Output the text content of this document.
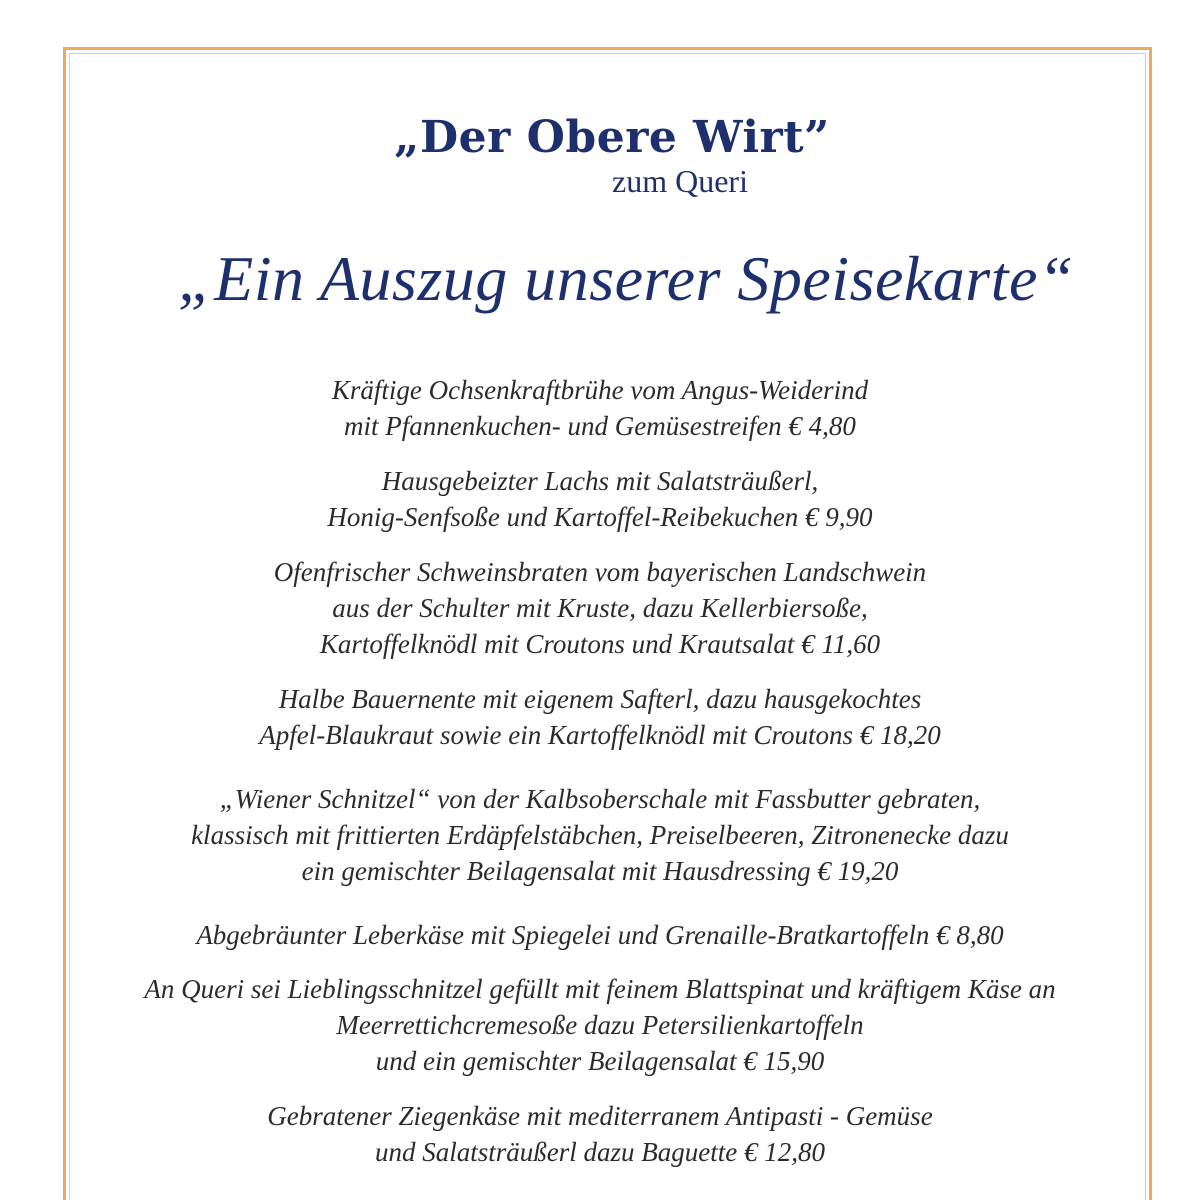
„Der Obere Wirt”
zum Queri
„Ein Auszug unserer Speisekarte“

Kräftige Ochsenkraftbrühe vom Angus-Weiderind

mit Pfannenkuchen- und Gemüsestreifen € 4,80

Hausgebeizter Lachs mit Salatsträußerl,

Honig-Senfsoße und Kartoffel-Reibekuchen € 9,90

Ofenfrischer Schweinsbraten vom bayerischen Landschwein

aus der Schulter mit Kruste, dazu Kellerbiersoße,

Kartoffelknödl mit Croutons und Krautsalat € 11,60

Halbe Bauernente mit eigenem Safterl, dazu hausgekochtes

Apfel-Blaukraut sowie ein Kartoffelknödl mit Croutons € 18,20

„Wiener Schnitzel“ von der Kalbsoberschale mit Fassbutter gebraten,

klassisch mit frittierten Erdäpfelstäbchen, Preiselbeeren, Zitronenecke dazu

ein gemischter Beilagensalat mit Hausdressing € 19,20

Abgebräunter Leberkäse mit Spiegelei und Grenaille-Bratkartoffeln € 8,80

An Queri sei Lieblingsschnitzel gefüllt mit feinem Blattspinat und kräftigem Käse an

Meerrettichcremesoße dazu Petersilienkartoffeln

und ein gemischter Beilagensalat € 15,90

Gebratener Ziegenkäse mit mediterranem Antipasti - Gemüse

und Salatsträußerl dazu Baguette € 12,80
